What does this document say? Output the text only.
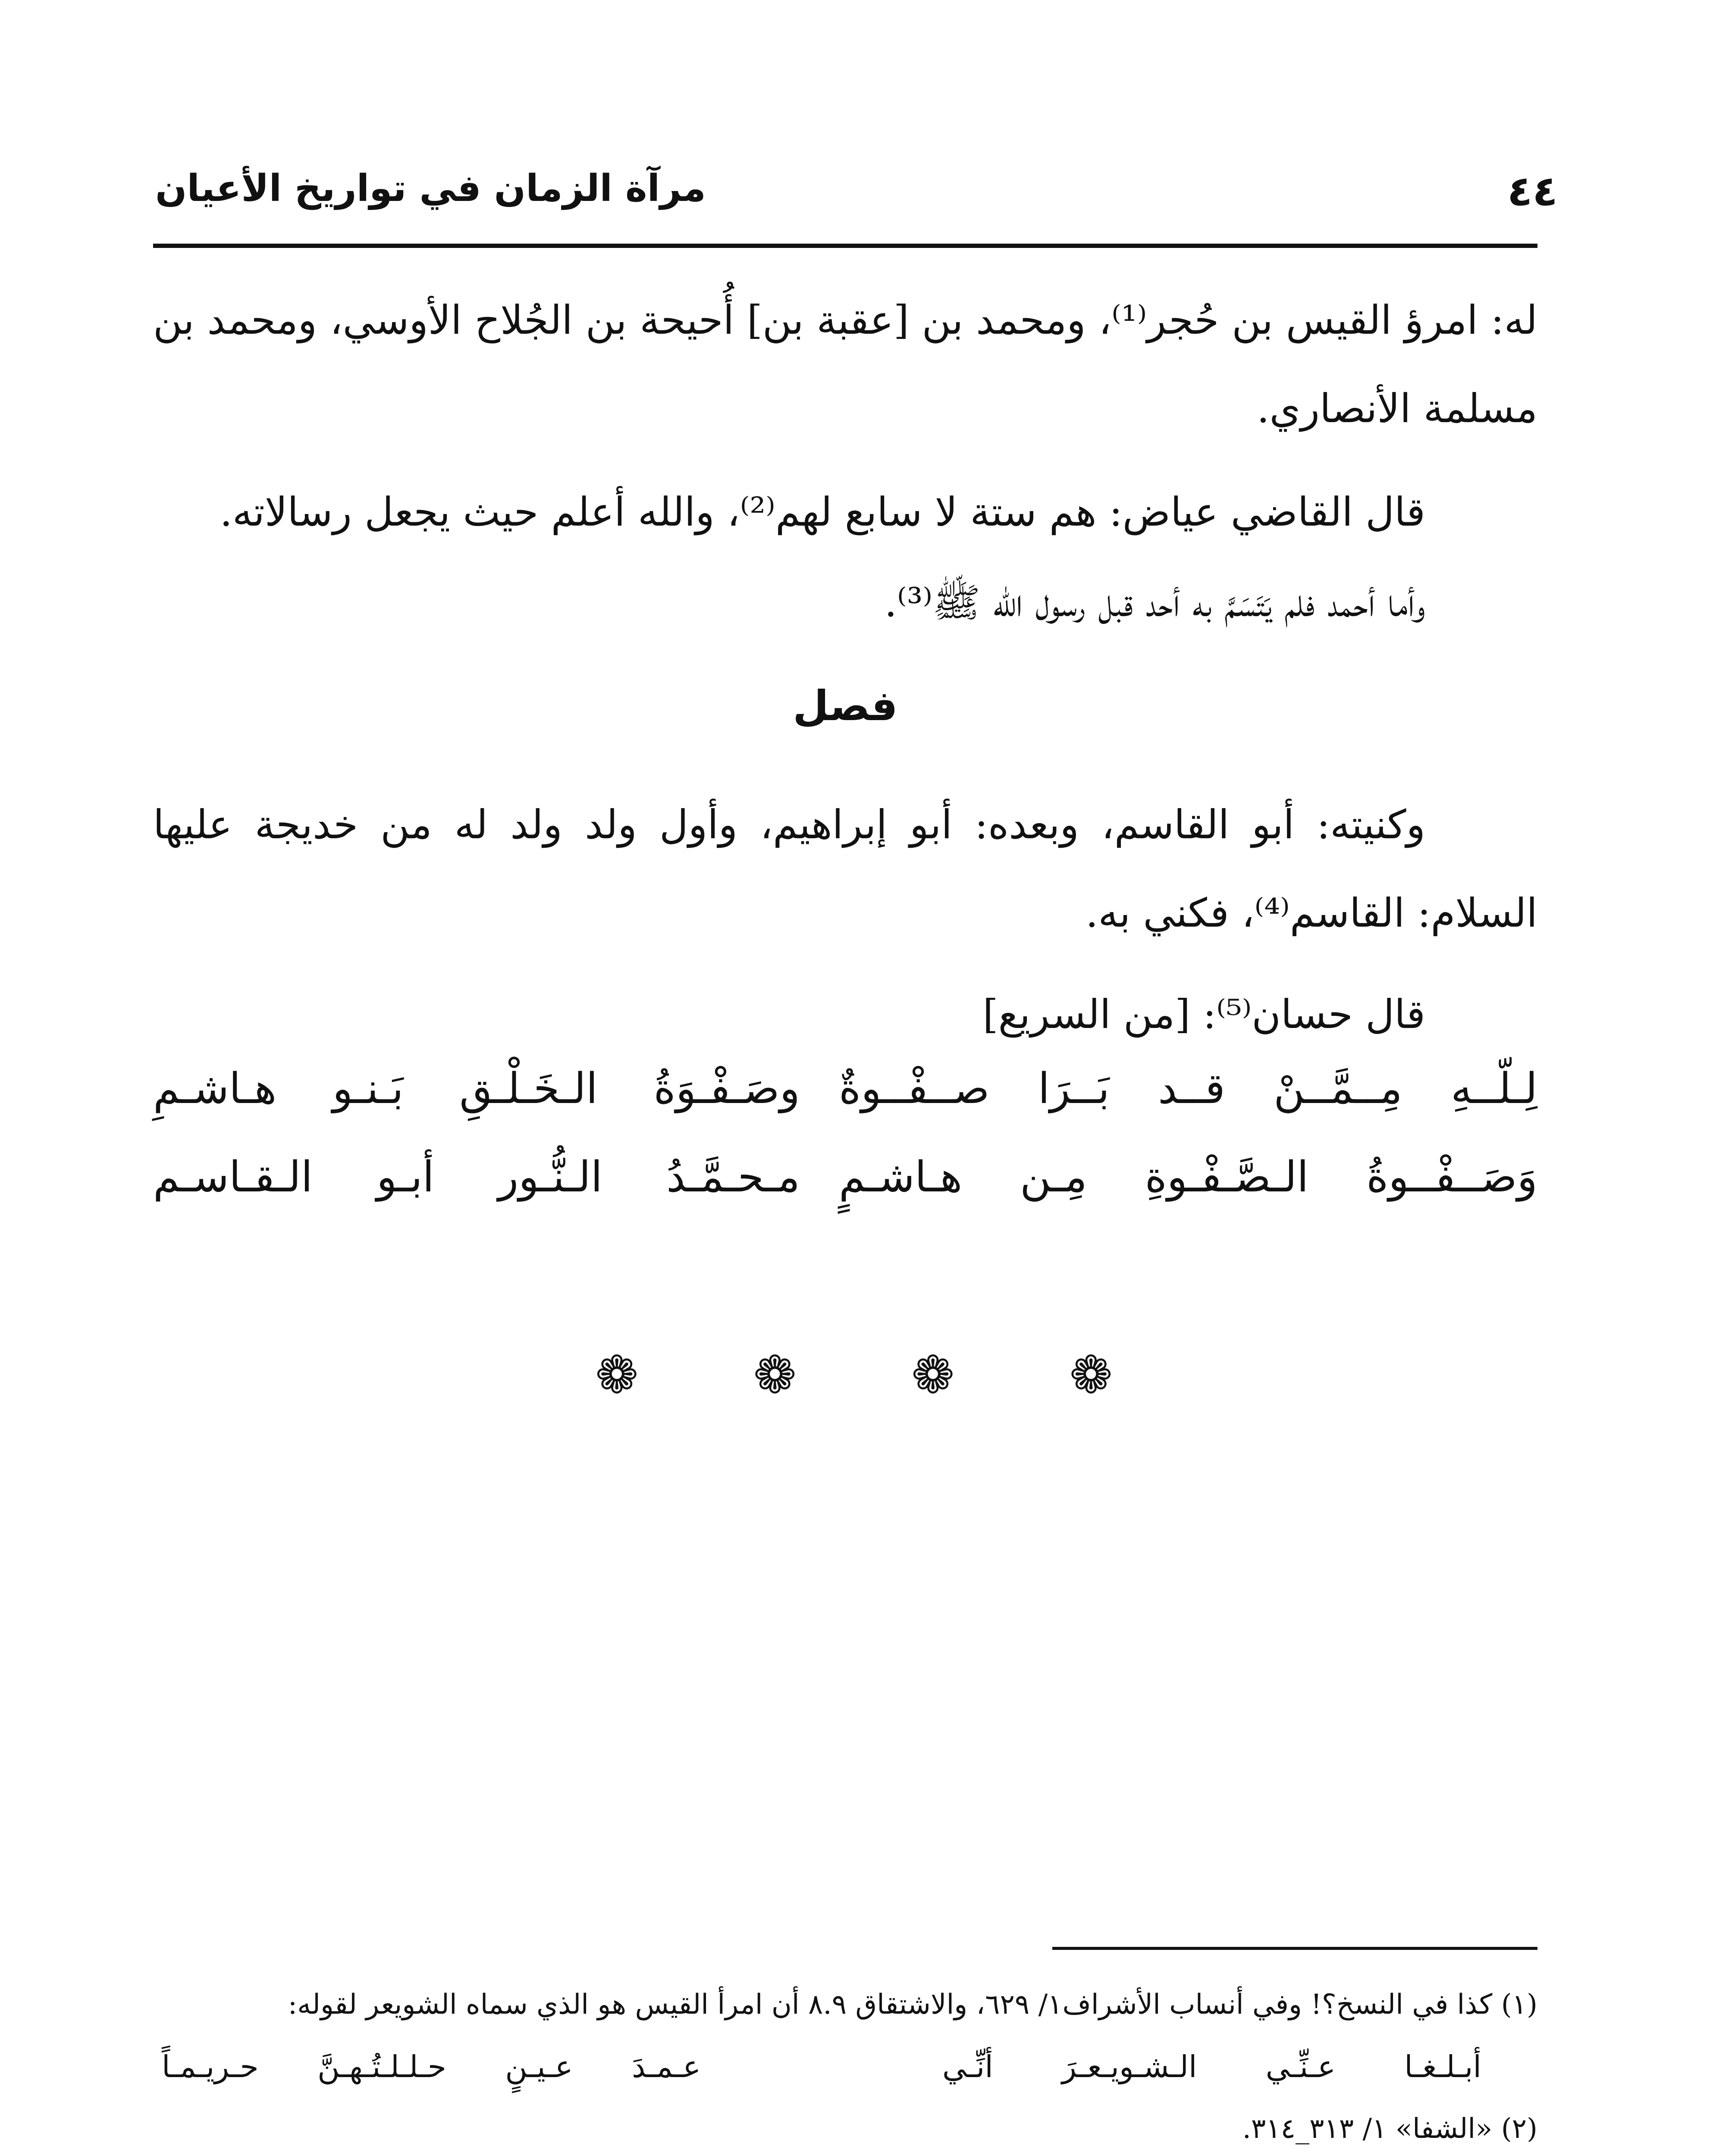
٤٤
مرآة الزمان في تواريخ الأعيان
له: امرؤ القيس بن حُجر⁽¹⁾، ومحمد بن [عقبة بن] أُحيحة بن الجُلاح الأوسي، ومحمد بن مسلمة الأنصاري.
قال القاضي عياض: هم ستة لا سابع لهم⁽²⁾، والله أعلم حيث يجعل رسالاته.
وأما أحمد فلم يَتَسَمَّ به أحد قبل رسول الله ﷺ⁽³⁾.
فصل
وكنيته: أبو القاسم، وبعده: أبو إبراهيم، وأول ولد ولد له من خديجة عليها السلام: القاسم⁽⁴⁾، فكني به.
قال حسان⁽⁵⁾: [من السريع]
لِـلّــهِ مِــمَّــنْ قــد بَــرَا صــفْــوةٌ
وصَـفْـوَةُ الـخَـلْـقِ بَـنـو هـاشـمِ
وَصَــفْــوةُ الـصَّـفْـوةِ مِـن هـاشـمٍ
مـحـمَّـدُ الـنُّـور أبـو الـقـاسـم
❁ ❁ ❁ ❁
(١) كذا في النسخ؟! وفي أنساب الأشراف١/ ٦٢٩، والاشتقاق ٨.٩ أن امرأ القيس هو الذي سماه الشويعر لقوله:
أبـلـغـا عـنِّـي الـشـويـعـرَ أنِّـي
عـمـدَ عـيـنٍ حـلـلـتُـهـنَّ حـريـمـاً
(٢) «الشفا» ١/ ٣١٣_٣١٤.
